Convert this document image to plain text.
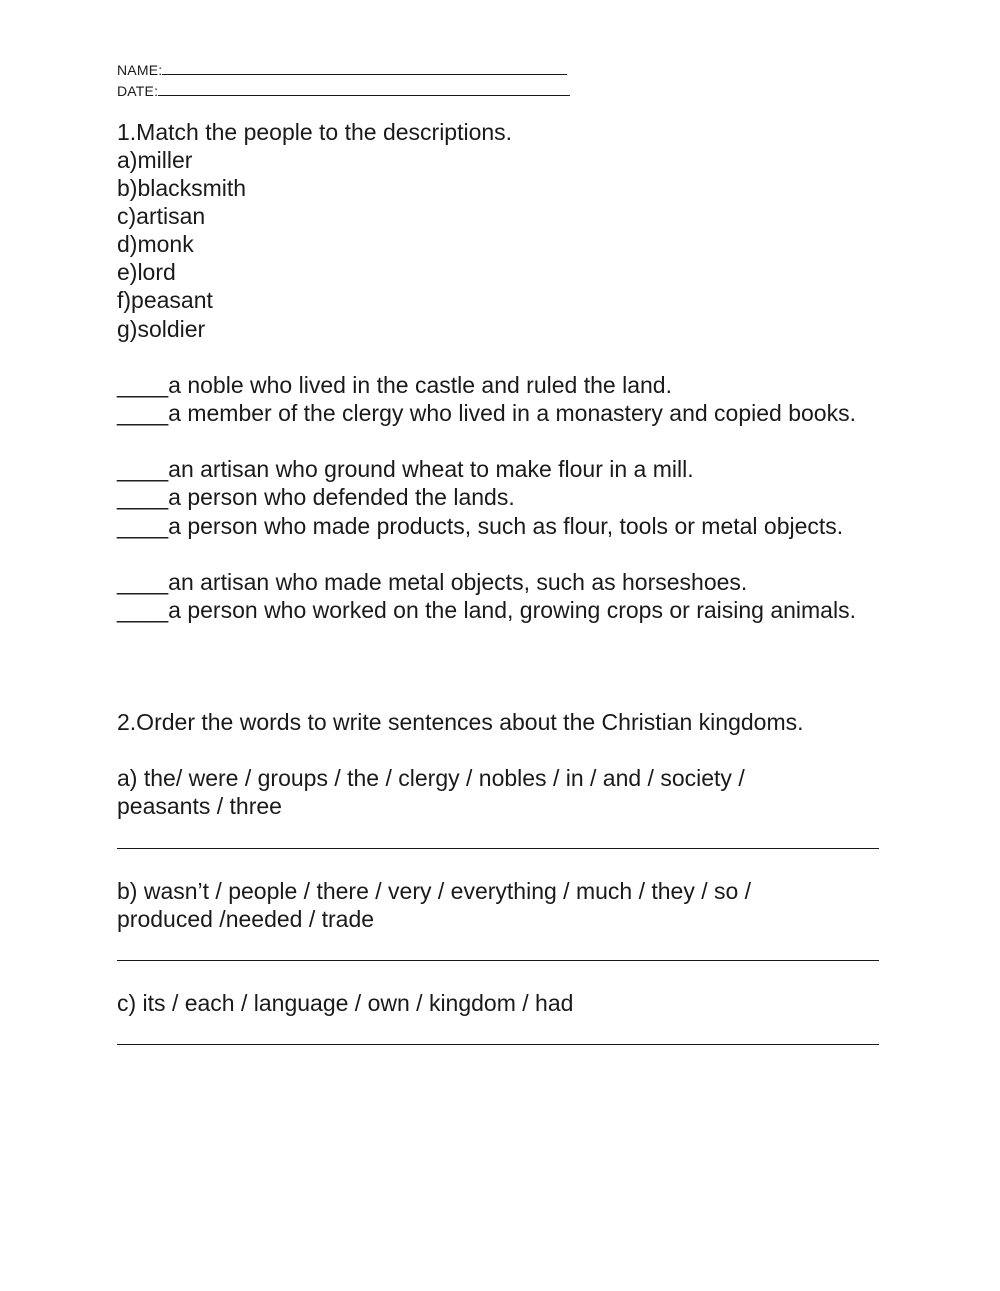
NAME:
DATE:
1.Match the people to the descriptions.
a)miller
b)blacksmith
c)artisan
d)monk
e)lord
f)peasant
g)soldier
____a noble who lived in the castle and ruled the land.
____a member of the clergy who lived in a monastery and copied books.
____an artisan who ground wheat to make flour in a mill.
____a person who defended the lands.
____a person who made products, such as flour, tools or metal objects.
____an artisan who made metal objects, such as horseshoes.
____a person who worked on the land, growing crops or raising animals.
2.Order the words to write sentences about the Christian kingdoms.
a) the/ were / groups / the / clergy / nobles / in / and / society / peasants / three
b) wasn’t / people / there / very / everything / much / they / so / produced /needed / trade
c) its / each / language / own / kingdom / had
